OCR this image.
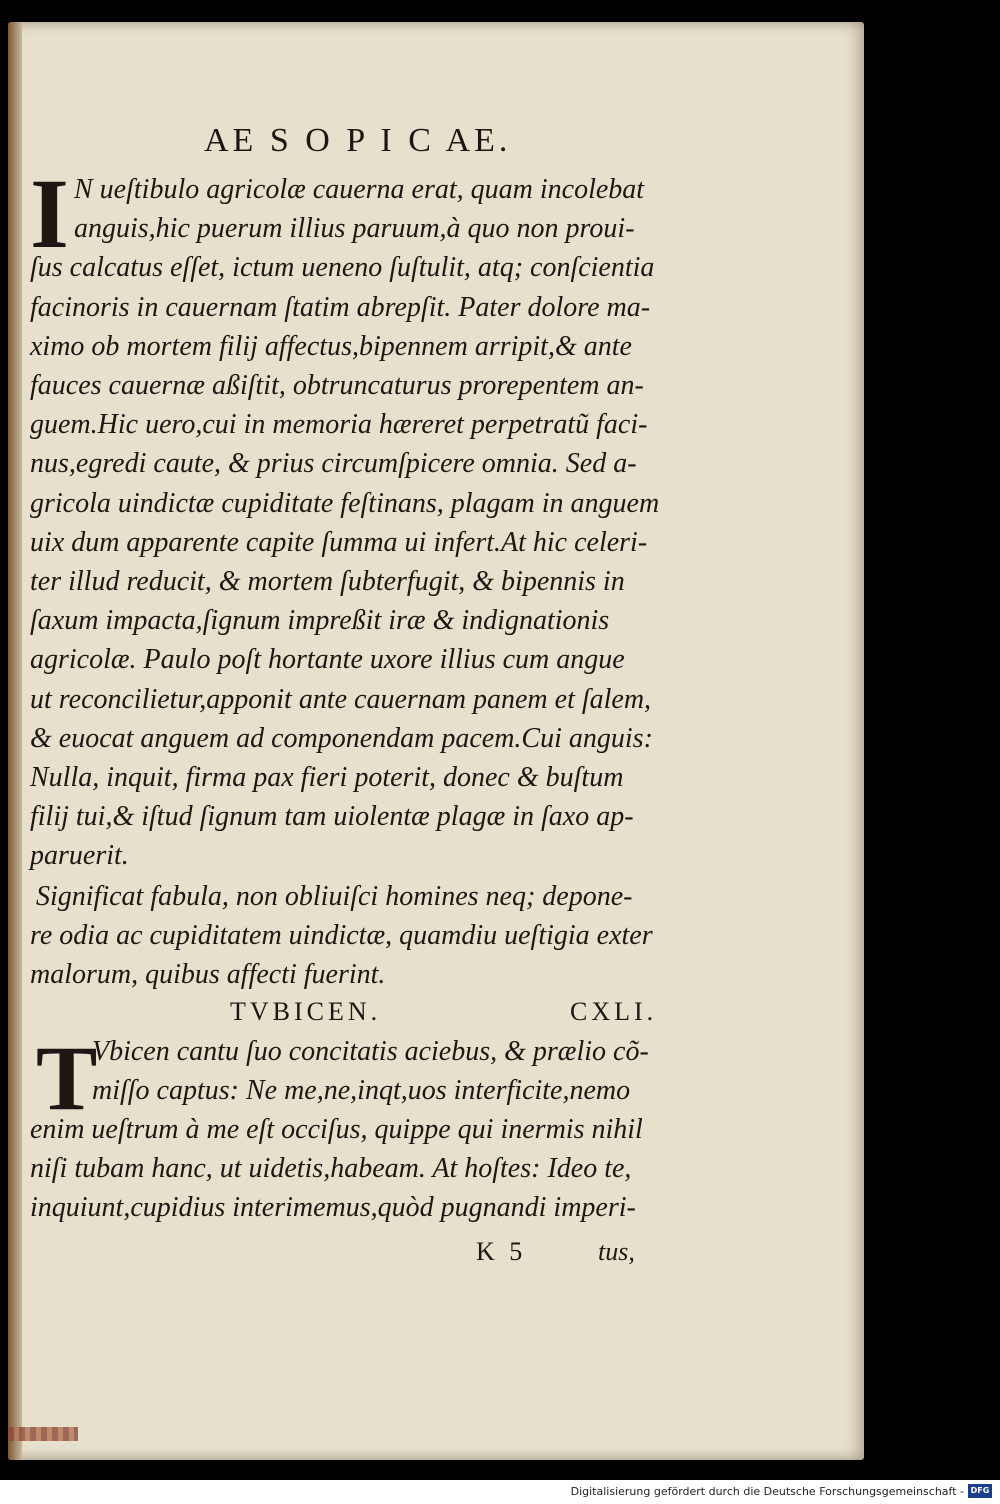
AE S O P I C AE.
I N ueſtibulo agricolæ cauerna erat, quam incolebat
anguis,hic puerum illius paruum,à quo non proui-
ſus calcatus eſſet, ictum ueneno ſuſtulit, atq; conſcientia
facinoris in cauernam ſtatim abrepſit. Pater dolore ma-
ximo ob mortem filij affectus,bipennem arripit,& ante
fauces cauernæ aßiſtit, obtruncaturus prorepentem an-
guem.Hic uero,cui in memoria hæreret perpetratũ faci-
nus,egredi caute, & prius circumſpicere omnia. Sed a-
gricola uindictæ cupiditate feſtinans, plagam in anguem
uix dum apparente capite ſumma ui infert.At hic celeri-
ter illud reducit, & mortem ſubterfugit, & bipennis in
ſaxum impacta,ſignum impreßit iræ & indignationis
agricolæ. Paulo poſt hortante uxore illius cum angue
ut reconcilietur,apponit ante cauernam panem et ſalem,
& euocat anguem ad componendam pacem.Cui anguis:
Nulla, inquit, firma pax fieri poterit, donec & buſtum
filij tui,& iſtud ſignum tam uiolentæ plagæ in ſaxo ap-
paruerit.
Significat fabula, non obliuiſci homines neq; depone-
re odia ac cupiditatem uindictæ, quamdiu ueſtigia exter
malorum, quibus affecti fuerint.
TVBICEN.	CXLI.
T
Vbicen cantu ſuo concitatis aciebus, & prælio cõ-
miſſo captus: Ne me,ne,inqt,uos interficite,nemo
enim ueſtrum à me eſt occiſus, quippe qui inermis nihil
niſi tubam hanc, ut uidetis,habeam. At hoſtes: Ideo te,
inquiunt,cupidius interimemus,quòd pugnandi imperi-
K 5	tus,
Digitalisierung gefördert durch die Deutsche Forschungsgemeinschaft - DFG
